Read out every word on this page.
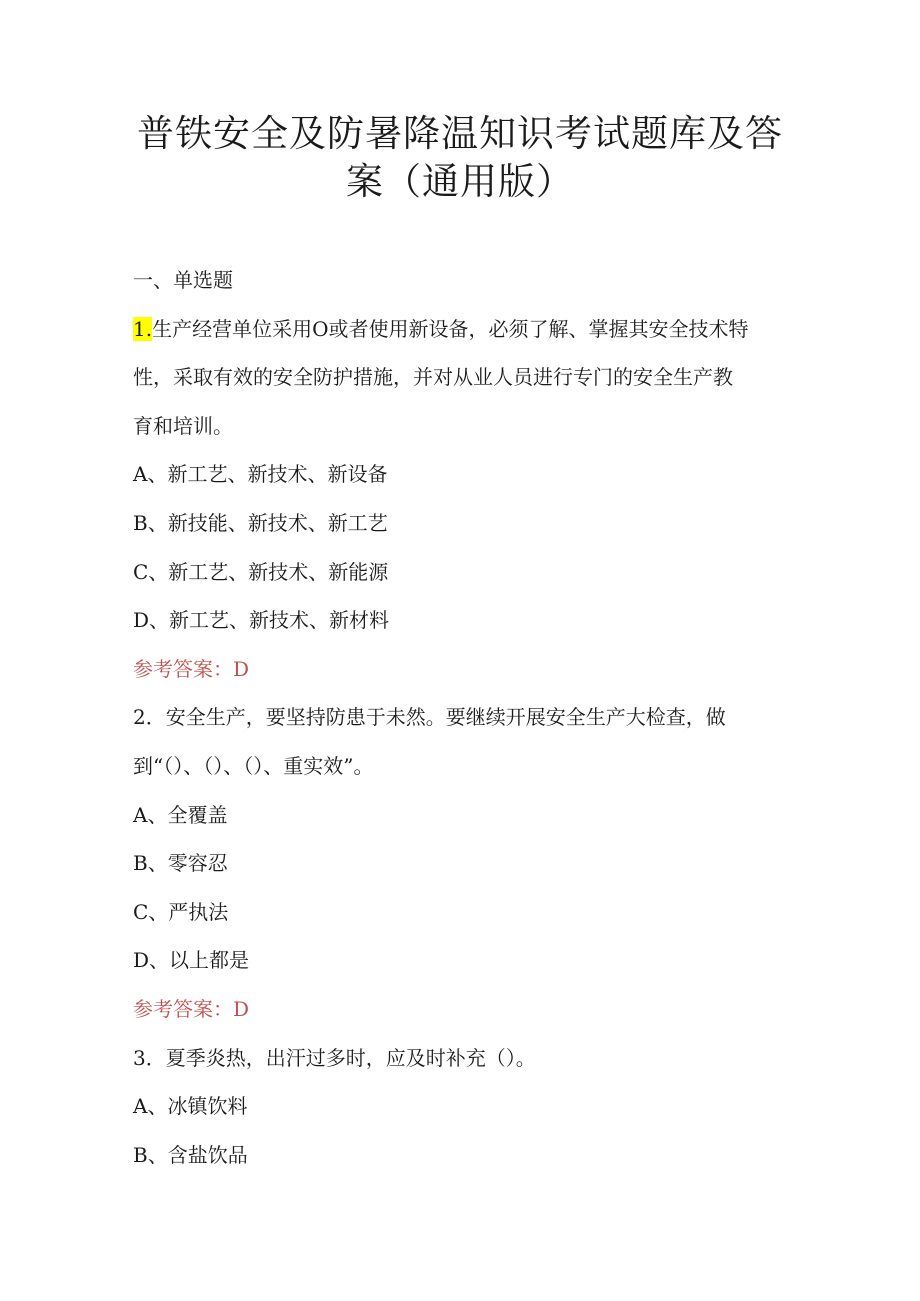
普铁安全及防暑降温知识考试题库及答
案（通用版）
一、单选题
1.生产经营单位采用O或者使用新设备，必须了解、掌握其安全技术特
性，采取有效的安全防护措施，并对从业人员进行专门的安全生产教
育和培训。
A、新工艺、新技术、新设备
B、新技能、新技术、新工艺
C、新工艺、新技术、新能源
D、新工艺、新技术、新材料
参考答案：D
2．安全生产，要坚持防患于未然。要继续开展安全生产大检查，做
到“（）、（）、（）、重实效”。
A、全覆盖
B、零容忍
C、严执法
D、以上都是
参考答案：D
3．夏季炎热，出汗过多时，应及时补充（）。
A、冰镇饮料
B、含盐饮品
